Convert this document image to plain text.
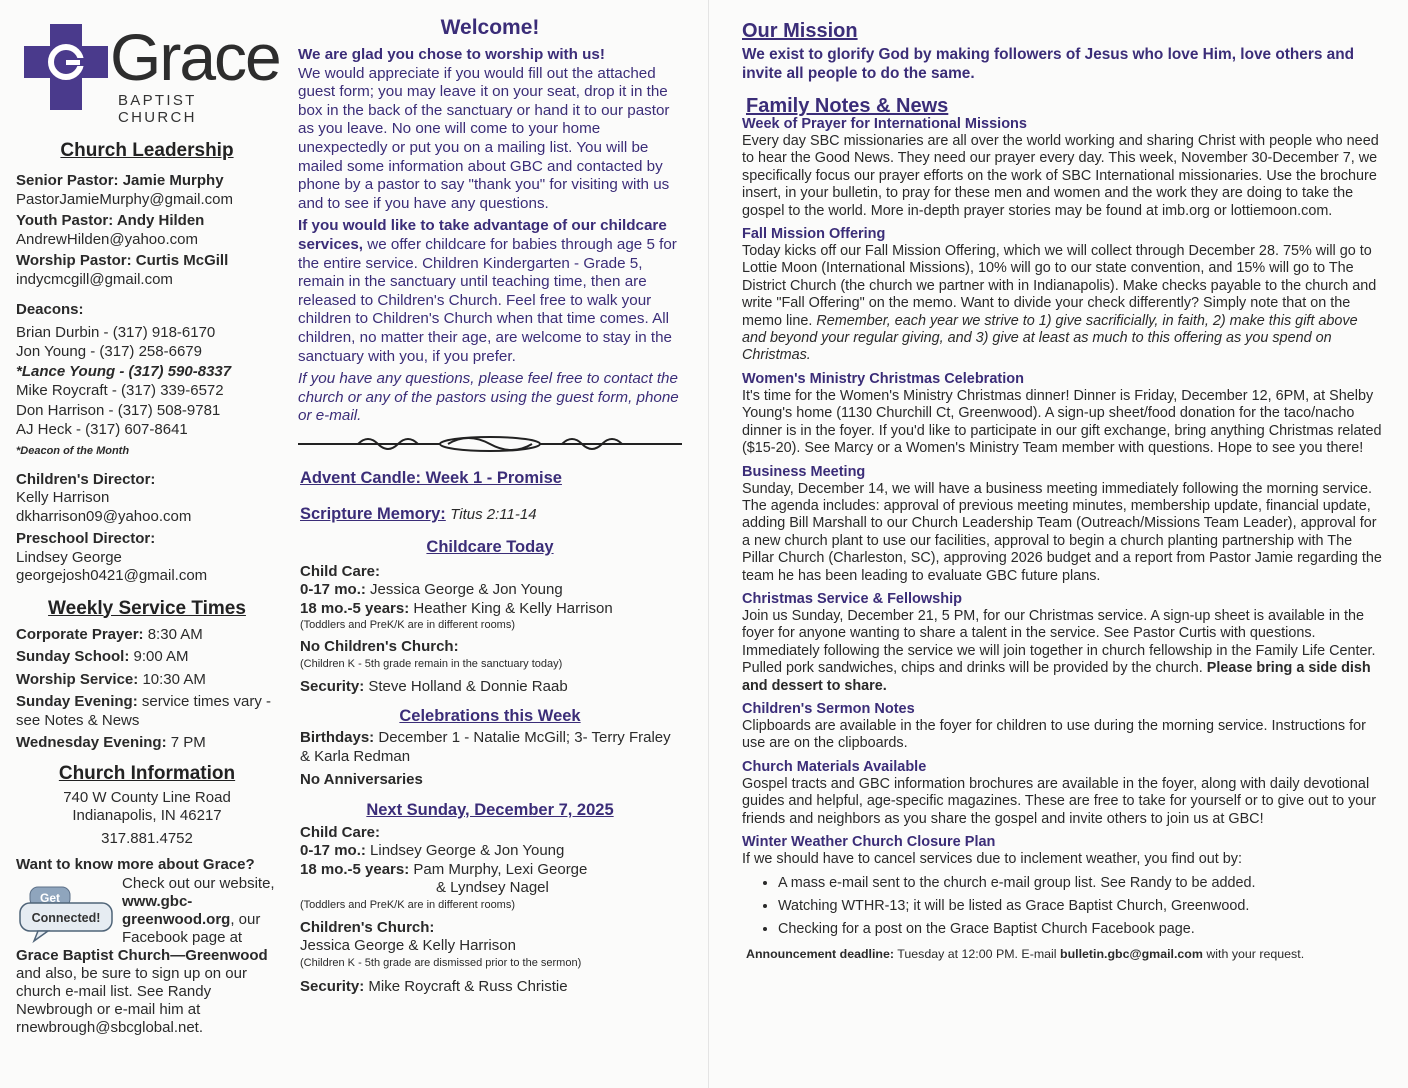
Grace
BAPTIST CHURCH
Church Leadership
Senior Pastor: Jamie Murphy
PastorJamieMurphy@gmail.com
Youth Pastor: Andy Hilden
AndrewHilden@yahoo.com
Worship Pastor: Curtis McGill
indycmcgill@gmail.com
Deacons:
Brian Durbin - (317) 918-6170
Jon Young - (317) 258-6679
*Lance Young - (317) 590-8337
Mike Roycraft - (317) 339-6572
Don Harrison - (317) 508-9781
AJ Heck - (317) 607-8641
*Deacon of the Month
Children's Director:
Kelly Harrison
dkharrison09@yahoo.com
Preschool Director:
Lindsey George
georgejosh0421@gmail.com
Weekly Service Times
Corporate Prayer: 8:30 AM
Sunday School: 9:00 AM
Worship Service: 10:30 AM
Sunday Evening: service times vary - see Notes & News
Wednesday Evening: 7 PM
Church Information
740 W County Line Road
Indianapolis, IN 46217
317.881.4752
Want to know more about Grace?
Get
Connected!
Check out our website, www.gbc-greenwood.org, our Facebook page at
Grace Baptist Church—Greenwood and also, be sure to sign up on our church e-mail list. See Randy Newbrough or e-mail him at rnewbrough@sbcglobal.net.
Welcome!

We are glad you chose to worship with us!

We would appreciate if you would fill out the attached guest form; you may leave it on your seat, drop it in the box in the back of the sanctuary or hand it to our pastor as you leave. No one will come to your home unexpectedly or put you on a mailing list. You will be mailed some information about GBC and contacted by phone by a pastor to say "thank you" for visiting with us and to see if you have any questions.

If you would like to take advantage of our childcare services, we offer childcare for babies through age 5 for the entire service. Children Kindergarten - Grade 5, remain in the sanctuary until teaching time, then are released to Children's Church. Feel free to walk your children to Children's Church when that time comes. All children, no matter their age, are welcome to stay in the sanctuary with you, if you prefer.

If you have any questions, please feel free to contact the church or any of the pastors using the guest form, phone or e-mail.

Advent Candle: Week 1 - Promise
Scripture Memory: Titus 2:11-14
Childcare Today
Child Care:
0-17 mo.: Jessica George & Jon Young
18 mo.-5 years: Heather King & Kelly Harrison
(Toddlers and PreK/K are in different rooms)
No Children's Church:
(Children K - 5th grade remain in the sanctuary today)
Security: Steve Holland & Donnie Raab
Celebrations this Week
Birthdays: December 1 - Natalie McGill; 3- Terry Fraley & Karla Redman
No Anniversaries
Next Sunday, December 7, 2025
Child Care:
0-17 mo.: Lindsey George & Jon Young
18 mo.-5 years: Pam Murphy, Lexi George
& Lyndsey Nagel
(Toddlers and PreK/K are in different rooms)
Children's Church:
Jessica George & Kelly Harrison
(Children K - 5th grade are dismissed prior to the sermon)
Security: Mike Roycraft & Russ Christie
Our Mission
We exist to glorify God by making followers of Jesus who love Him, love others and invite all people to do the same.
Family Notes & News
Week of Prayer for International Missions
Every day SBC missionaries are all over the world working and sharing Christ with people who need to hear the Good News. They need our prayer every day. This week, November 30-December 7, we specifically focus our prayer efforts on the work of SBC International missionaries. Use the brochure insert, in your bulletin, to pray for these men and women and the work they are doing to take the gospel to the world. More in-depth prayer stories may be found at imb.org or lottiemoon.com.
Fall Mission Offering
Today kicks off our Fall Mission Offering, which we will collect through December 28. 75% will go to Lottie Moon (International Missions), 10% will go to our state convention, and 15% will go to The District Church (the church we partner with in Indianapolis). Make checks payable to the church and write "Fall Offering" on the memo. Want to divide your check differently? Simply note that on the memo line. Remember, each year we strive to 1) give sacrificially, in faith, 2) make this gift above and beyond your regular giving, and 3) give at least as much to this offering as you spend on Christmas.
Women's Ministry Christmas Celebration
It's time for the Women's Ministry Christmas dinner! Dinner is Friday, December 12, 6PM, at Shelby Young's home (1130 Churchill Ct, Greenwood). A sign-up sheet/food donation for the taco/nacho dinner is in the foyer. If you'd like to participate in our gift exchange, bring anything Christmas related ($15-20). See Marcy or a Women's Ministry Team member with questions. Hope to see you there!
Business Meeting
Sunday, December 14, we will have a business meeting immediately following the morning service. The agenda includes: approval of previous meeting minutes, membership update, financial update, adding Bill Marshall to our Church Leadership Team (Outreach/Missions Team Leader), approval for a new church plant to use our facilities, approval to begin a church planting partnership with The Pillar Church (Charleston, SC), approving 2026 budget and a report from Pastor Jamie regarding the team he has been leading to evaluate GBC future plans.
Christmas Service & Fellowship
Join us Sunday, December 21, 5 PM, for our Christmas service. A sign-up sheet is available in the foyer for anyone wanting to share a talent in the service. See Pastor Curtis with questions. Immediately following the service we will join together in church fellowship in the Family Life Center. Pulled pork sandwiches, chips and drinks will be provided by the church. Please bring a side dish and dessert to share.
Children's Sermon Notes
Clipboards are available in the foyer for children to use during the morning service. Instructions for use are on the clipboards.
Church Materials Available
Gospel tracts and GBC information brochures are available in the foyer, along with daily devotional guides and helpful, age-specific magazines. These are free to take for yourself or to give out to your friends and neighbors as you share the gospel and invite others to join us at GBC!
Winter Weather Church Closure Plan
If we should have to cancel services due to inclement weather, you find out by:
• A mass e-mail sent to the church e-mail group list. See Randy to be added.
• Watching WTHR-13; it will be listed as Grace Baptist Church, Greenwood.
• Checking for a post on the Grace Baptist Church Facebook page.
Announcement deadline: Tuesday at 12:00 PM. E-mail bulletin.gbc@gmail.com with your request.
